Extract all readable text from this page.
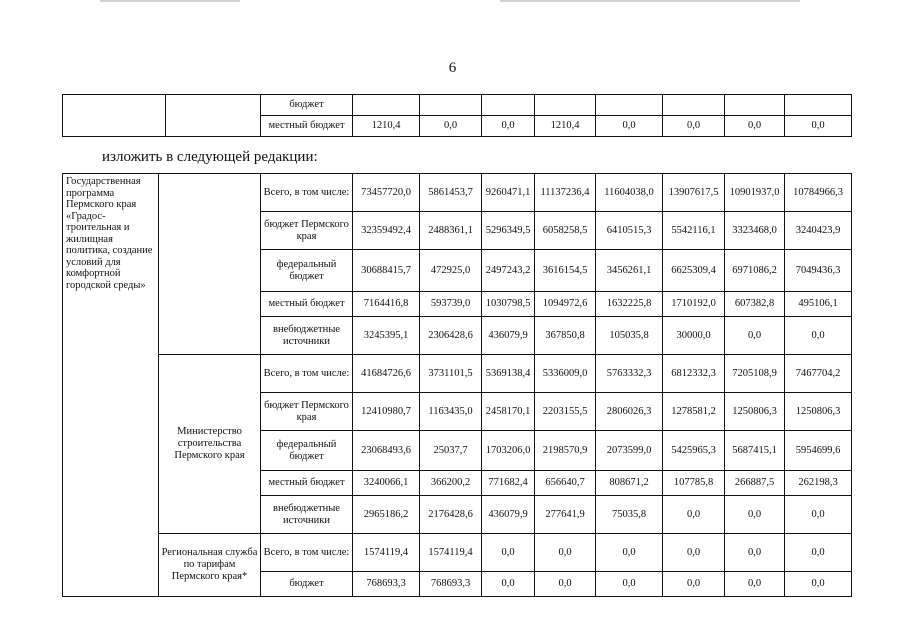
6
		бюджет								
		местный бюджет	1210,4	0,0	0,0	1210,4	0,0	0,0	0,0	0,0
изложить в следующей редакции:
Государственная программа Пермского края «Градос-троительная и жилищная политика, создание условий для комфортной городской среды»		Всего, в том числе:	73457720,0	5861453,7	9260471,1	11137236,4	11604038,0	13907617,5	10901937,0	10784966,3
		бюджет Пермского края	32359492,4	2488361,1	5296349,5	6058258,5	6410515,3	5542116,1	3323468,0	3240423,9
		федеральный бюджет	30688415,7	472925,0	2497243,2	3616154,5	3456261,1	6625309,4	6971086,2	7049436,3
		местный бюджет	7164416,8	593739,0	1030798,5	1094972,6	1632225,8	1710192,0	607382,8	495106,1
		внебюджетные источники	3245395,1	2306428,6	436079,9	367850,8	105035,8	30000,0	0,0	0,0
	Министерство строительства Пермского края	Всего, в том числе:	41684726,6	3731101,5	5369138,4	5336009,0	5763332,3	6812332,3	7205108,9	7467704,2
		бюджет Пермского края	12410980,7	1163435,0	2458170,1	2203155,5	2806026,3	1278581,2	1250806,3	1250806,3
		федеральный бюджет	23068493,6	25037,7	1703206,0	2198570,9	2073599,0	5425965,3	5687415,1	5954699,6
		местный бюджет	3240066,1	366200,2	771682,4	656640,7	808671,2	107785,8	266887,5	262198,3
		внебюджетные источники	2965186,2	2176428,6	436079,9	277641,9	75035,8	0,0	0,0	0,0
	Региональная служба по тарифам Пермского края*	Всего, в том числе:	1574119,4	1574119,4	0,0	0,0	0,0	0,0	0,0	0,0
		бюджет	768693,3	768693,3	0,0	0,0	0,0	0,0	0,0	0,0
